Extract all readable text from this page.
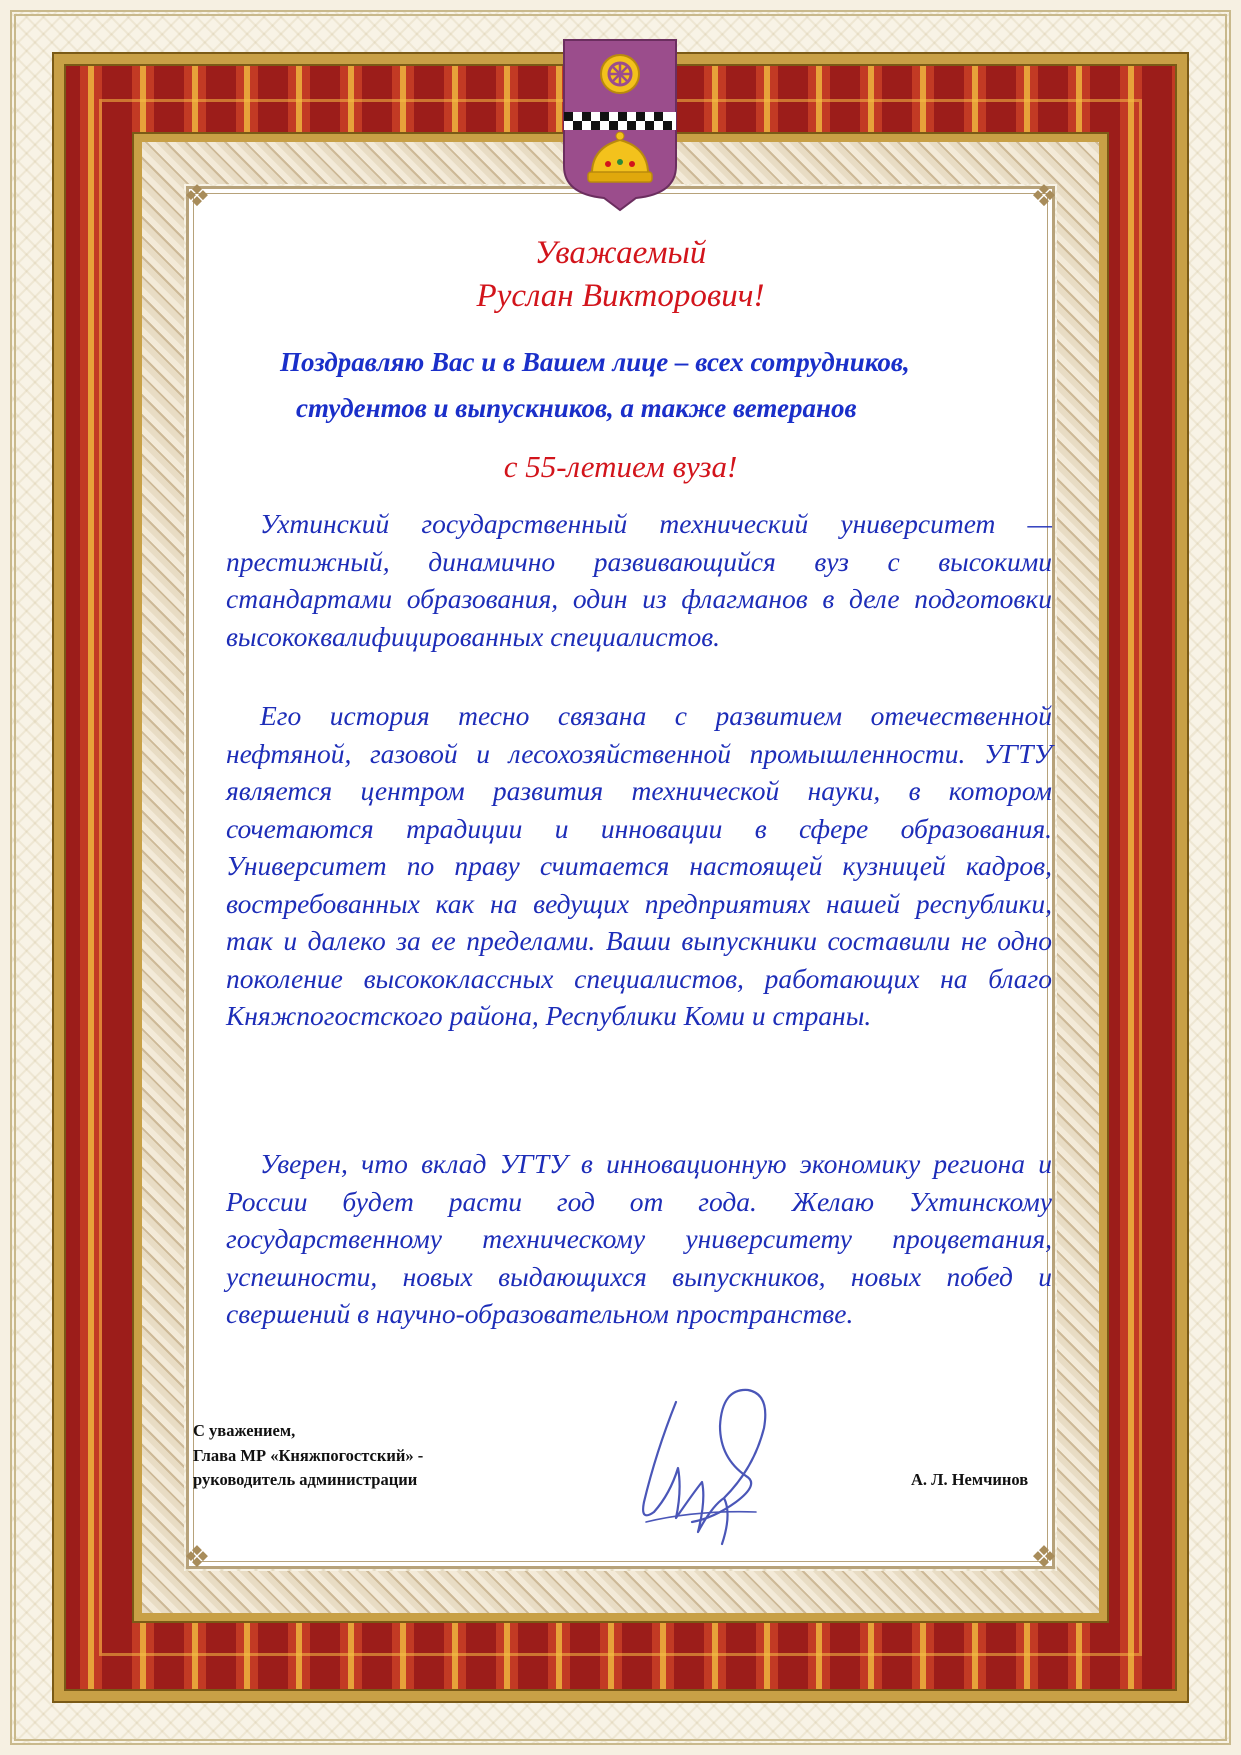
❖	❖
❖	❖
Уважаемый
Руслан Викторович!
Поздравляю Вас и в Вашем лице – всех сотрудников,
студентов и выпускников, а также ветеранов
с 55-летием вуза!

Ухтинский государственный технический университет — престижный, динамично развивающийся вуз с высокими стандартами образования, один из флагманов в деле подготовки высококвалифицированных специалистов.

Его история тесно связана с развитием отечественной нефтяной, газовой и лесохозяйственной промышленности. УГТУ является центром развития технической науки, в котором сочетаются традиции и инновации в сфере образования. Университет по праву считается настоящей кузницей кадров, востребованных как на ведущих предприятиях нашей республики, так и далеко за ее пределами. Ваши выпускники составили не одно поколение высококлассных специалистов, работающих на благо Княжпогостского района, Республики Коми и страны.

Уверен, что вклад УГТУ в инновационную экономику региона и России будет расти год от года. Желаю Ухтинскому государственному техническому университету процветания, успешности, новых выдающихся выпускников, новых побед и свершений в научно-образовательном пространстве.

С уважением,
Глава МР «Княжпогостский» -
руководитель администрации	А. Л. Немчинов
